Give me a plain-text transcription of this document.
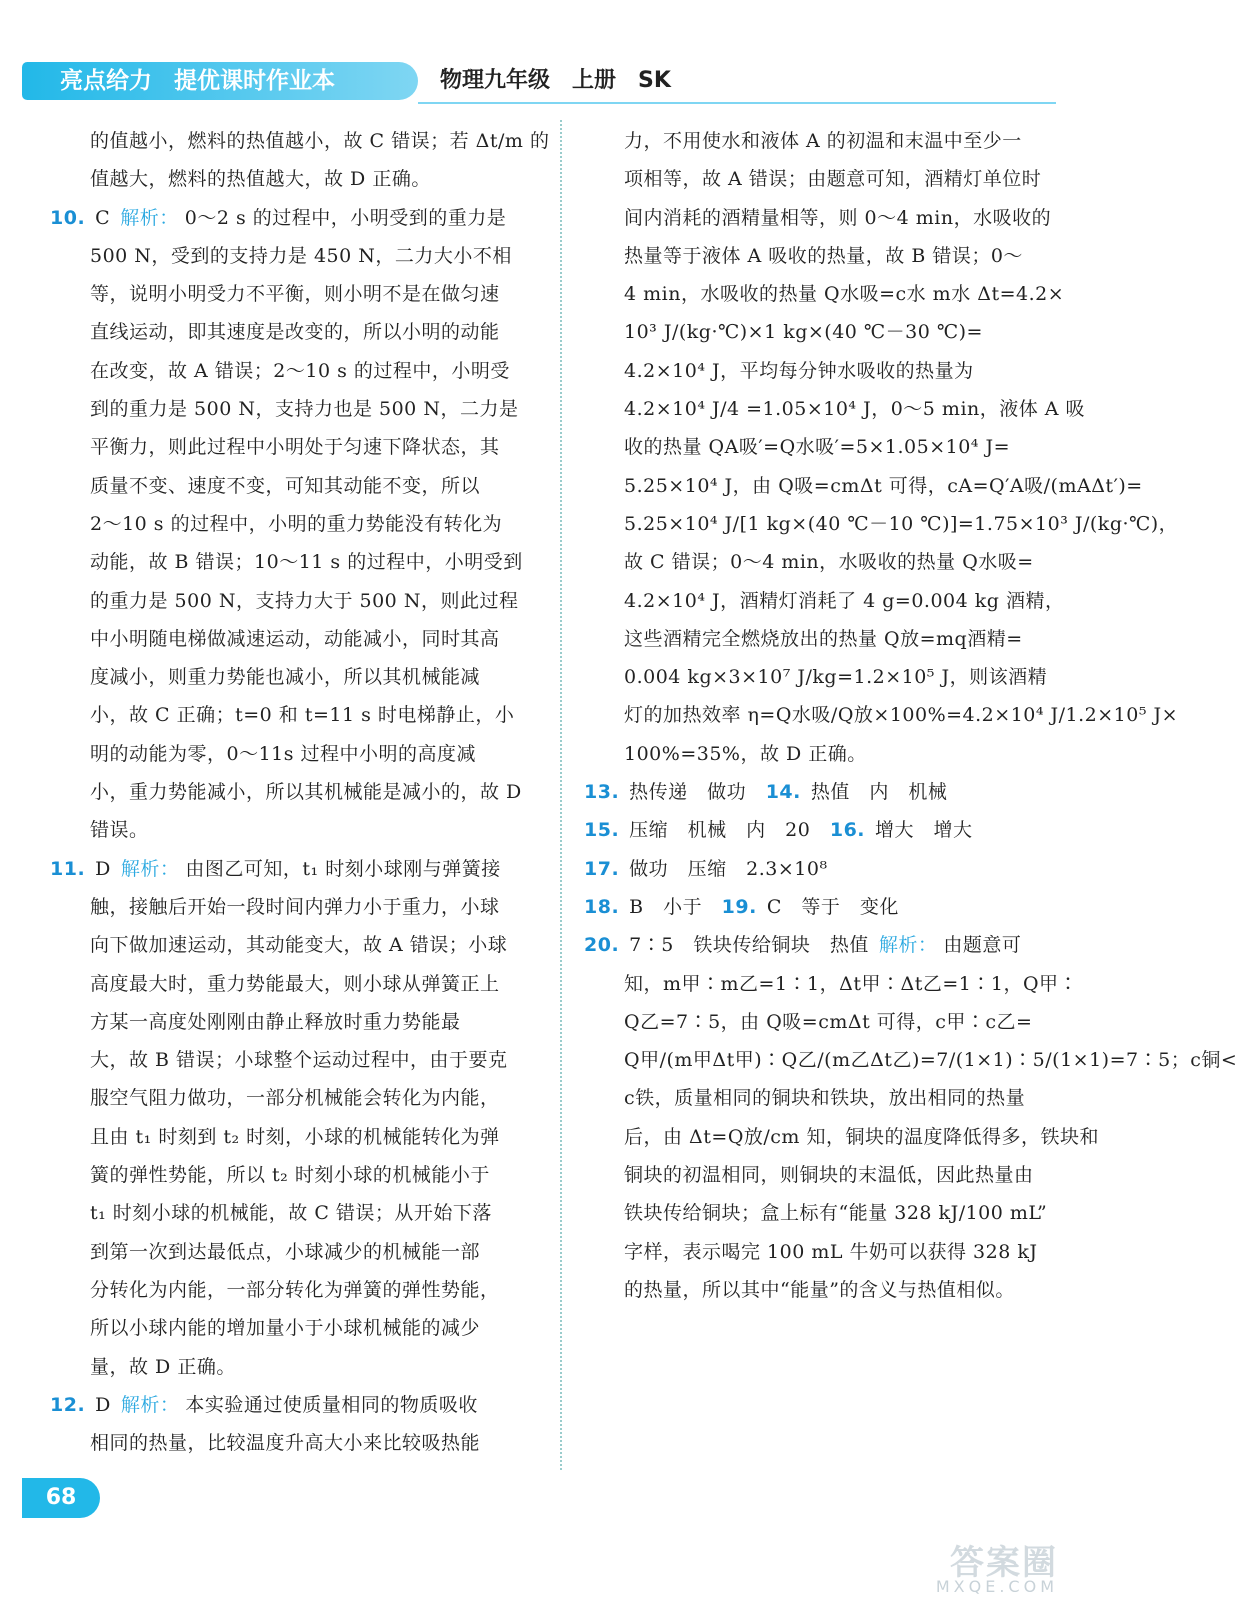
亮点给力 提优课时作业本	物理九年级 上册 SK
的值越小，燃料的热值越小，故 C 错误；若 Δt/m 的
值越大，燃料的热值越大，故 D 正确。
10. C 解析： 0～2 s 的过程中，小明受到的重力是
500 N，受到的支持力是 450 N，二力大小不相
等，说明小明受力不平衡，则小明不是在做匀速
直线运动，即其速度是改变的，所以小明的动能
在改变，故 A 错误；2～10 s 的过程中，小明受
到的重力是 500 N，支持力也是 500 N，二力是
平衡力，则此过程中小明处于匀速下降状态，其
质量不变、速度不变，可知其动能不变，所以
2～10 s 的过程中，小明的重力势能没有转化为
动能，故 B 错误；10～11 s 的过程中，小明受到
的重力是 500 N，支持力大于 500 N，则此过程
中小明随电梯做减速运动，动能减小，同时其高
度减小，则重力势能也减小，所以其机械能减
小，故 C 正确；t=0 和 t=11 s 时电梯静止，小
明的动能为零，0～11s 过程中小明的高度减
小，重力势能减小，所以其机械能是减小的，故 D
错误。
11. D 解析： 由图乙可知，t₁ 时刻小球刚与弹簧接
触，接触后开始一段时间内弹力小于重力，小球
向下做加速运动，其动能变大，故 A 错误；小球
高度最大时，重力势能最大，则小球从弹簧正上
方某一高度处刚刚由静止释放时重力势能最
大，故 B 错误；小球整个运动过程中，由于要克
服空气阻力做功，一部分机械能会转化为内能，
且由 t₁ 时刻到 t₂ 时刻，小球的机械能转化为弹
簧的弹性势能，所以 t₂ 时刻小球的机械能小于
t₁ 时刻小球的机械能，故 C 错误；从开始下落
到第一次到达最低点，小球减少的机械能一部
分转化为内能，一部分转化为弹簧的弹性势能，
所以小球内能的增加量小于小球机械能的减少
量，故 D 正确。
12. D 解析： 本实验通过使质量相同的物质吸收
相同的热量，比较温度升高大小来比较吸热能
力，不用使水和液体 A 的初温和末温中至少一
项相等，故 A 错误；由题意可知，酒精灯单位时
间内消耗的酒精量相等，则 0～4 min，水吸收的
热量等于液体 A 吸收的热量，故 B 错误；0～
4 min，水吸收的热量 Q水吸=c水 m水 Δt=4.2×
10³ J/(kg·℃)×1 kg×(40 ℃－30 ℃)=
4.2×10⁴ J，平均每分钟水吸收的热量为
4.2×10⁴ J/4 =1.05×10⁴ J，0～5 min，液体 A 吸
收的热量 QA吸′=Q水吸′=5×1.05×10⁴ J=
5.25×10⁴ J，由 Q吸=cmΔt 可得，cA=Q′A吸/(mAΔt′)=
5.25×10⁴ J/[1 kg×(40 ℃－10 ℃)]=1.75×10³ J/(kg·℃)，
故 C 错误；0～4 min，水吸收的热量 Q水吸=
4.2×10⁴ J，酒精灯消耗了 4 g=0.004 kg 酒精，
这些酒精完全燃烧放出的热量 Q放=mq酒精=
0.004 kg×3×10⁷ J/kg=1.2×10⁵ J，则该酒精
灯的加热效率 η=Q水吸/Q放×100%=4.2×10⁴ J/1.2×10⁵ J×
100%=35%，故 D 正确。
13. 热传递　做功　14. 热值　内　机械
15. 压缩　机械　内　20　16. 增大　增大
17. 做功　压缩　2.3×10⁸
18. B　小于　19. C　等于　变化
20. 7∶5　铁块传给铜块　热值 解析： 由题意可
知，m甲∶m乙=1∶1，Δt甲∶Δt乙=1∶1，Q甲∶
Q乙=7∶5，由 Q吸=cmΔt 可得，c甲∶c乙=
Q甲/(m甲Δt甲)∶Q乙/(m乙Δt乙)=7/(1×1)∶5/(1×1)=7∶5；c铜<
c铁，质量相同的铜块和铁块，放出相同的热量
后，由 Δt=Q放/cm 知，铜块的温度降低得多，铁块和
铜块的初温相同，则铜块的末温低，因此热量由
铁块传给铜块；盒上标有“能量 328 kJ/100 mL”
字样，表示喝完 100 mL 牛奶可以获得 328 kJ
的热量，所以其中“能量”的含义与热值相似。
68
答案圈
MXQE.COM
